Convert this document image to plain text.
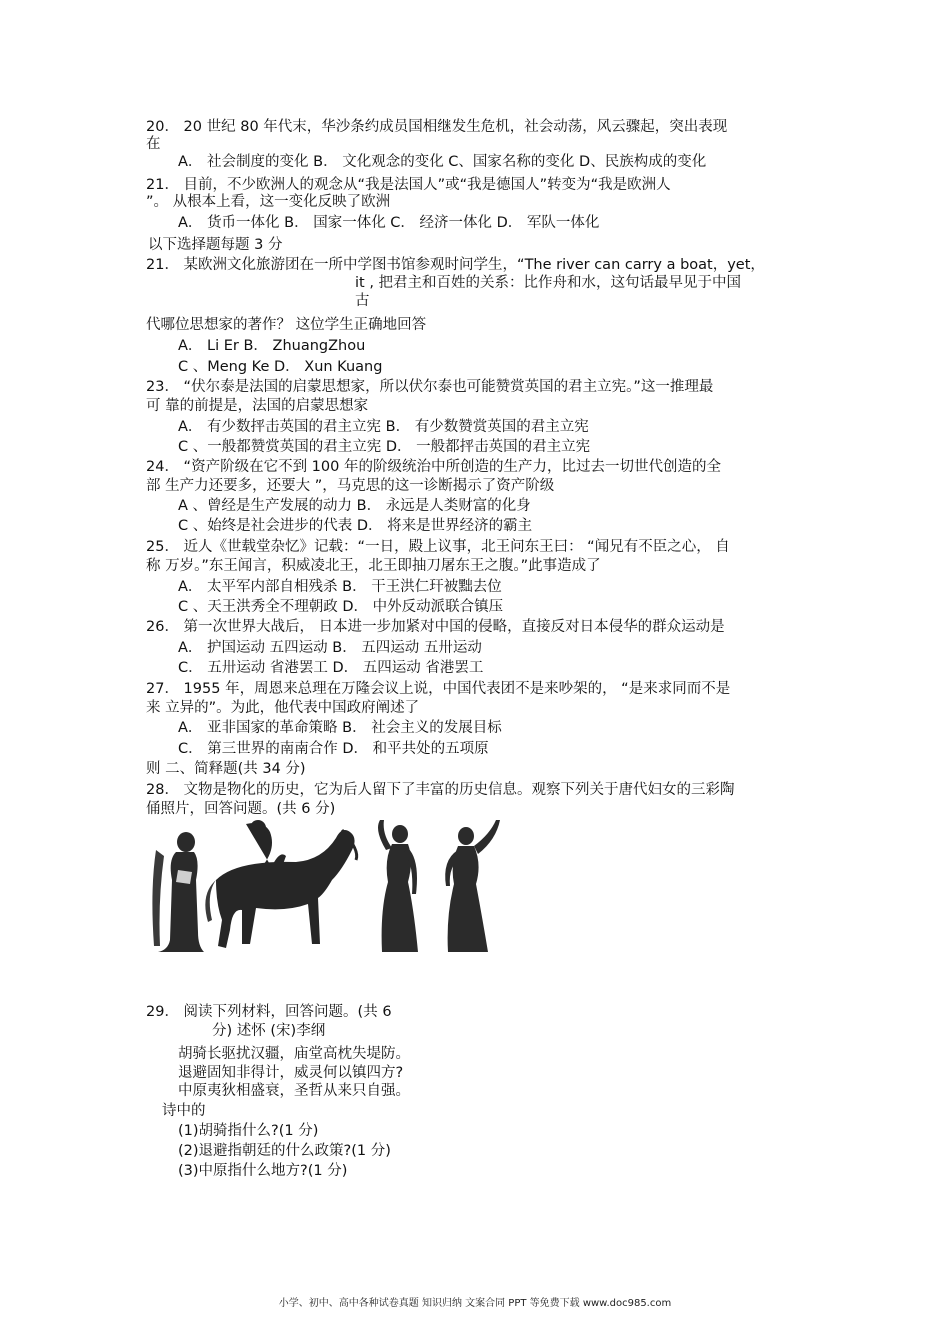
20． 20 世纪 80 年代末，华沙条约成员国相继发生危机，社会动荡，风云骤起，突出表现
在
A． 社会制度的变化 B． 文化观念的变化 C、国家名称的变化 D、民族构成的变化
21． 目前，不少欧洲人的观念从“我是法国人”或“我是德国人”转变为“我是欧洲人
”。 从根本上看，这一变化反映了欧洲
A． 货币一体化 B． 国家一体化 C． 经济一体化 D． 军队一体化
以下选择题每题 3 分
21． 某欧洲文化旅游团在一所中学图书馆参观时问学生，“The river can carry a boat，yet，
it , 把君主和百姓的关系：比作舟和水，这句话最早见于中国
古
代哪位思想家的著作？ 这位学生正确地回答
A． Li Er B． ZhuangZhou
C 、Meng Ke D． Xun Kuang
23． “伏尔泰是法国的启蒙思想家，所以伏尔泰也可能赞赏英国的君主立宪。”这一推理最
可 靠的前提是，法国的启蒙思想家
A． 有少数抨击英国的君主立宪 B． 有少数赞赏英国的君主立宪
C 、一般都赞赏英国的君主立宪 D． 一般都抨击英国的君主立宪
24． “资产阶级在它不到 100 年的阶级统治中所创造的生产力，比过去一切世代创造的全
部 生产力还要多，还要大 ”，马克思的这一诊断揭示了资产阶级
A 、曾经是生产发展的动力 B． 永远是人类财富的化身
C 、始终是社会进步的代表 D． 将来是世界经济的霸主
25． 近人《世载堂杂忆》记载：“一日，殿上议事，北王问东王曰： “闻兄有不臣之心， 自
称 万岁。”东王闻言，积威凌北王，北王即抽刀屠东王之腹。”此事造成了
A． 太平军内部自相残杀 B． 干王洪仁玕被黜去位
C 、天王洪秀全不理朝政 D． 中外反动派联合镇压
26． 第一次世界大战后， 日本进一步加紧对中国的侵略，直接反对日本侵华的群众运动是
A． 护国运动 五四运动 B． 五四运动 五卅运动
C． 五卅运动 省港罢工 D． 五四运动 省港罢工
27． 1955 年，周恩来总理在万隆会议上说，中国代表团不是来吵架的， “是来求同而不是
来 立异的”。为此，他代表中国政府阐述了
A． 亚非国家的革命策略 B． 社会主义的发展目标
C． 第三世界的南南合作 D． 和平共处的五项原
则 二、简释题(共 34 分)
28． 文物是物化的历史，它为后人留下了丰富的历史信息。观察下列关于唐代妇女的三彩陶
俑照片，回答问题。(共 6 分)
29． 阅读下列材料，回答问题。(共 6
分) 述怀 (宋)李纲
胡骑长驱扰汉疆，庙堂高枕失堤防。
退避固知非得计，威灵何以镇四方?
中原夷狄相盛衰，圣哲从来只自强。
诗中的
(1)胡骑指什么?(1 分)
(2)退避指朝廷的什么政策?(1 分)
(3)中原指什么地方?(1 分)
小学、初中、高中各种试卷真题 知识归纳 文案合同 PPT 等免费下载 www.doc985.com
